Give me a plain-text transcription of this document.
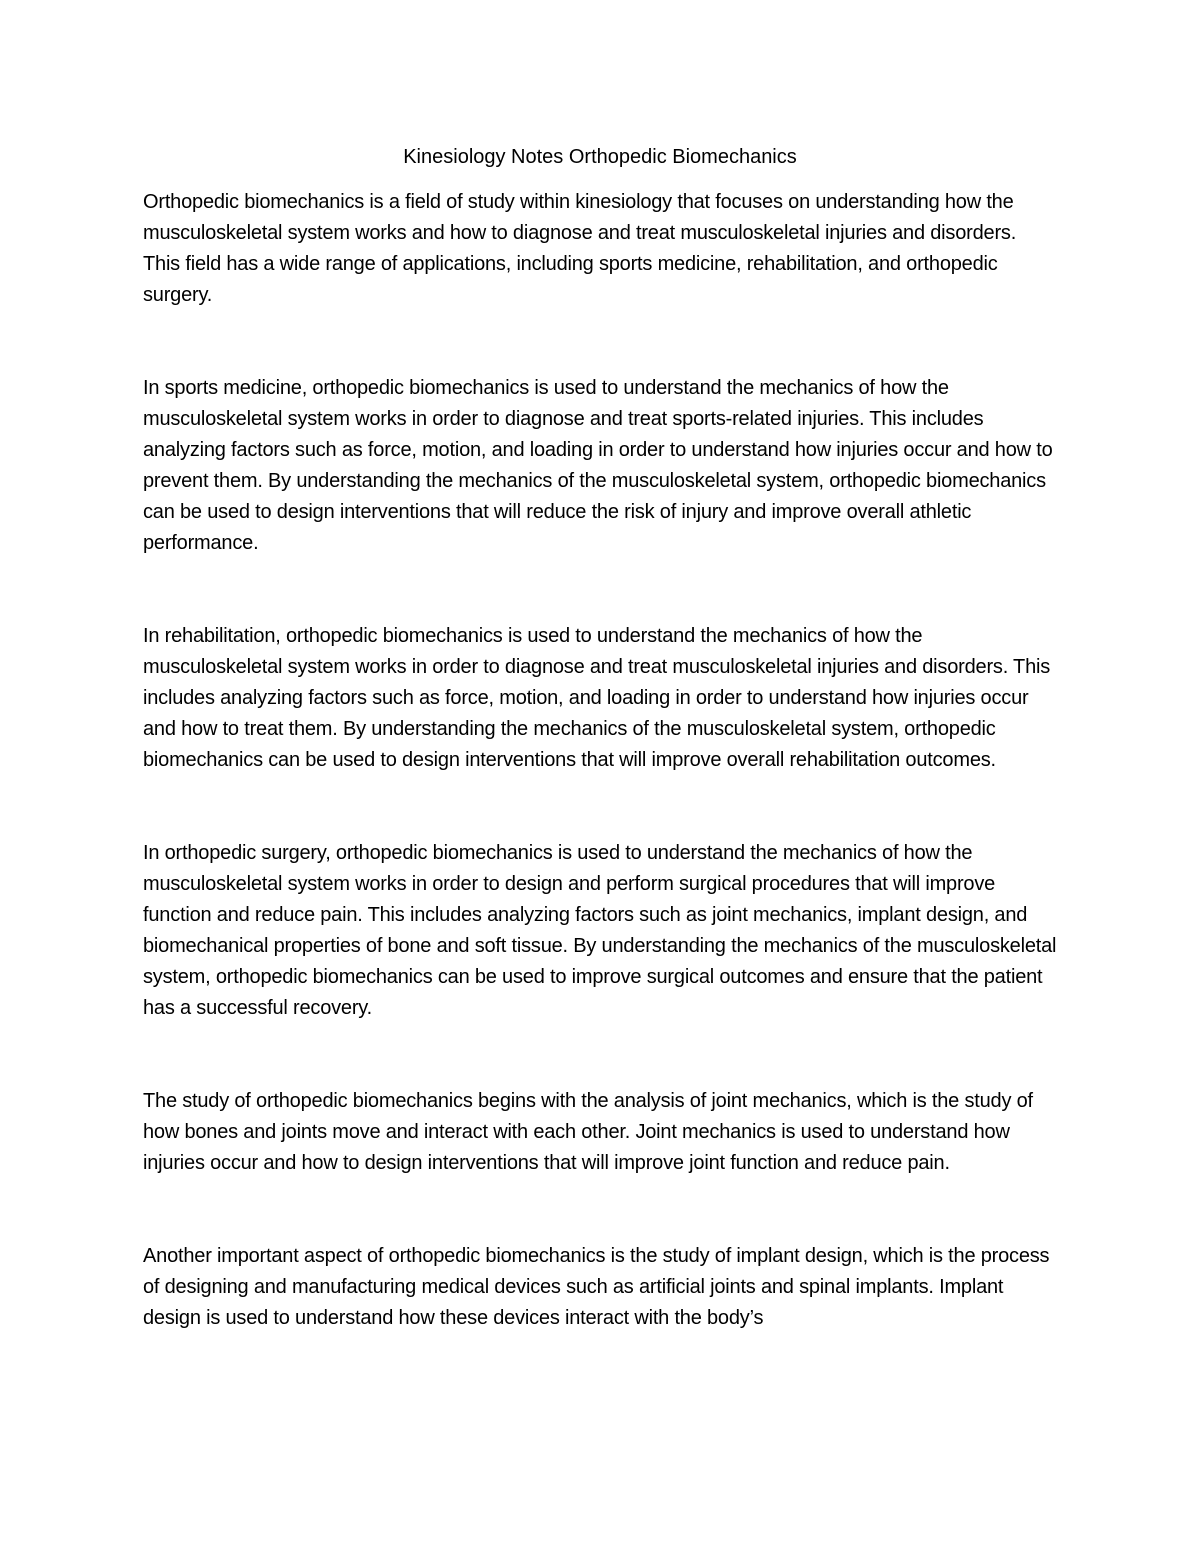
Kinesiology Notes Orthopedic Biomechanics

Orthopedic biomechanics is a field of study within kinesiology that focuses on understanding how the musculoskeletal system works and how to diagnose and treat musculoskeletal injuries and disorders. This field has a wide range of applications, including sports medicine, rehabilitation, and orthopedic surgery.

In sports medicine, orthopedic biomechanics is used to understand the mechanics of how the musculoskeletal system works in order to diagnose and treat sports-related injuries. This includes analyzing factors such as force, motion, and loading in order to understand how injuries occur and how to prevent them. By understanding the mechanics of the musculoskeletal system, orthopedic biomechanics can be used to design interventions that will reduce the risk of injury and improve overall athletic performance.

In rehabilitation, orthopedic biomechanics is used to understand the mechanics of how the musculoskeletal system works in order to diagnose and treat musculoskeletal injuries and disorders. This includes analyzing factors such as force, motion, and loading in order to understand how injuries occur and how to treat them. By understanding the mechanics of the musculoskeletal system, orthopedic biomechanics can be used to design interventions that will improve overall rehabilitation outcomes.

In orthopedic surgery, orthopedic biomechanics is used to understand the mechanics of how the musculoskeletal system works in order to design and perform surgical procedures that will improve function and reduce pain. This includes analyzing factors such as joint mechanics, implant design, and biomechanical properties of bone and soft tissue. By understanding the mechanics of the musculoskeletal system, orthopedic biomechanics can be used to improve surgical outcomes and ensure that the patient has a successful recovery.

The study of orthopedic biomechanics begins with the analysis of joint mechanics, which is the study of how bones and joints move and interact with each other. Joint mechanics is used to understand how injuries occur and how to design interventions that will improve joint function and reduce pain.

Another important aspect of orthopedic biomechanics is the study of implant design, which is the process of designing and manufacturing medical devices such as artificial joints and spinal implants. Implant design is used to understand how these devices interact with the body’s
